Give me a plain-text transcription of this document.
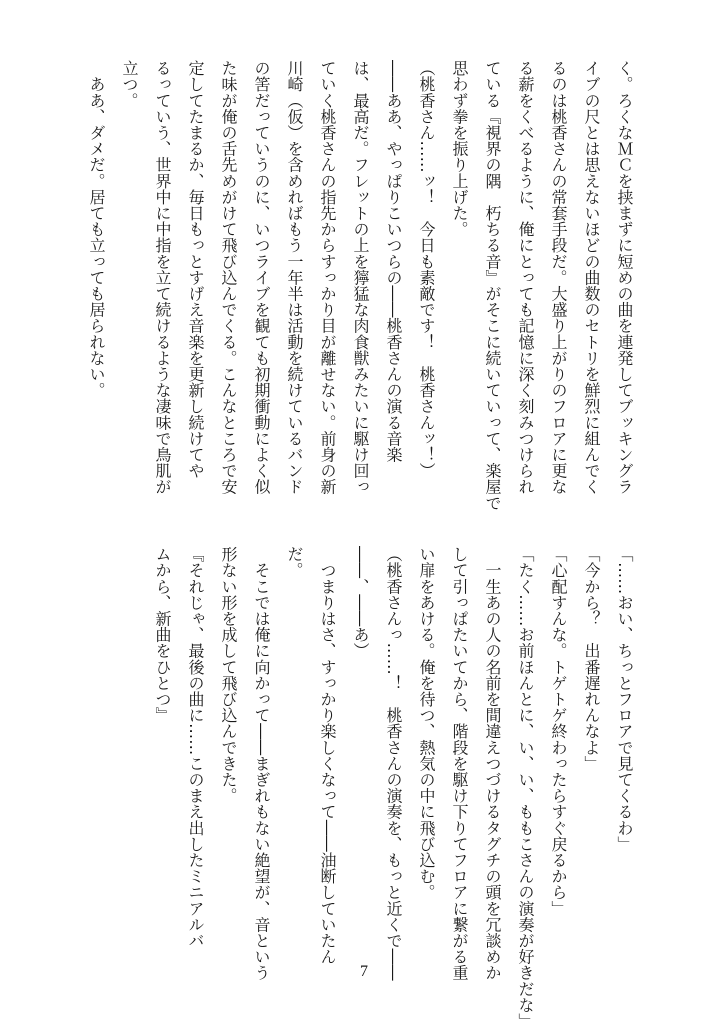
く。ろくなＭＣを挟まずに短めの曲を連発してブッキングラ
イブの尺とは思えないほどの曲数のセトリを鮮烈に組んでく
るのは桃香さんの常套手段だ。大盛り上がりのフロアに更な
る薪をくべるように、俺にとっても記憶に深く刻みつけられ
ている『視界の隅　朽ちる音』がそこに続いていって、楽屋で
思わず拳を振り上げた。
（桃香さん……ッ！　今日も素敵です！　桃香さんッ！）
――ああ、やっぱりこいつらの――桃香さんの演る音楽
は、最高だ。フレットの上を獰猛な肉食獣みたいに駆け回っ
ていく桃香さんの指先からすっかり目が離せない。前身の新
川崎（仮）を含めればもう一年半は活動を続けているバンド
の筈だっていうのに、いつライブを観ても初期衝動によく似
た味が俺の舌先めがけて飛び込んでくる。こんなところで安
定してたまるか、毎日もっとすげえ音楽を更新し続けてや
るっていう、世界中に中指を立て続けるような凄味で鳥肌が
立つ。
　ああ、ダメだ。居ても立っても居られない。
「……おい、ちっとフロアで見てくるわ」
「今から？　出番遅れんなよ」
「心配すんな。トゲトゲ終わったらすぐ戻るから」
「たく……お前ほんとに、い、い、ももこさんの演奏が好きだな」
　一生あの人の名前を間違えつづけるタグチの頭を冗談めか
して引っぱたいてから、階段を駆け下りてフロアに繋がる重
い扉をあける。俺を待つ、熱気の中に飛び込む。
（桃香さんっ……！　桃香さんの演奏を、もっと近くで――
――、――あ）
　つまりはさ、すっかり楽しくなって――油断していたん
だ。
　そこでは俺に向かって――まぎれもない絶望が、音という
形ない形を成して飛び込んできた。
『それじゃ、最後の曲に……このまえ出したミニアルバ
ムから、新曲をひとつ』
7
